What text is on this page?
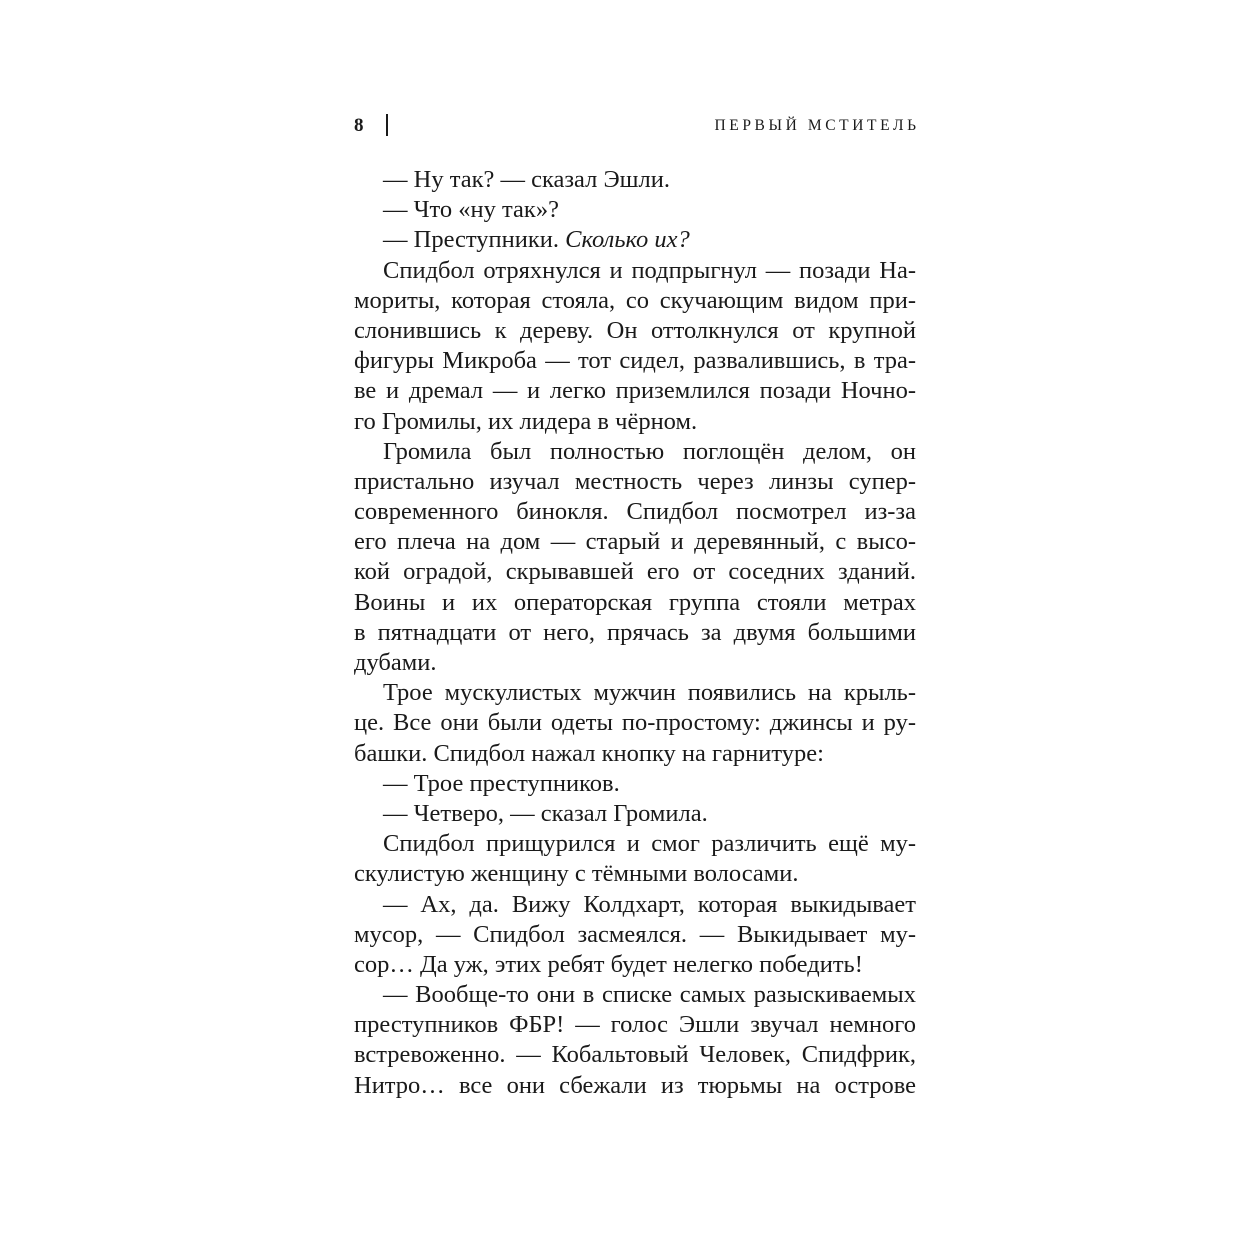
8	ПЕРВЫЙ МСТИТЕЛЬ
— Ну так? — сказал Эшли.
— Что «ну так»?
— Преступники. Сколько их?
Спидбол отряхнулся и подпрыгнул — позади На-
мориты, которая стояла, со скучающим видом при-
слонившись к дереву. Он оттолкнулся от крупной
фигуры Микроба — тот сидел, развалившись, в тра-
ве и дремал — и легко приземлился позади Ночно-
го Громилы, их лидера в чёрном.
Громила был полностью поглощён делом, он
пристально изучал местность через линзы супер-
современного бинокля. Спидбол посмотрел из-за
его плеча на дом — старый и деревянный, с высо-
кой оградой, скрывавшей его от соседних зданий.
Воины и их операторская группа стояли метрах
в пятнадцати от него, прячась за двумя большими
дубами.
Трое мускулистых мужчин появились на крыль-
це. Все они были одеты по-простому: джинсы и ру-
башки. Спидбол нажал кнопку на гарнитуре:
— Трое преступников.
— Четверо, — сказал Громила.
Спидбол прищурился и смог различить ещё му-
скулистую женщину с тёмными волосами.
— Ах, да. Вижу Колдхарт, которая выкидывает
мусор, — Спидбол засмеялся. — Выкидывает му-
сор… Да уж, этих ребят будет нелегко победить!
— Вообще-то они в списке самых разыскиваемых
преступников ФБР! — голос Эшли звучал немного
встревоженно. — Кобальтовый Человек, Спидфрик,
Нитро… все они сбежали из тюрьмы на острове
